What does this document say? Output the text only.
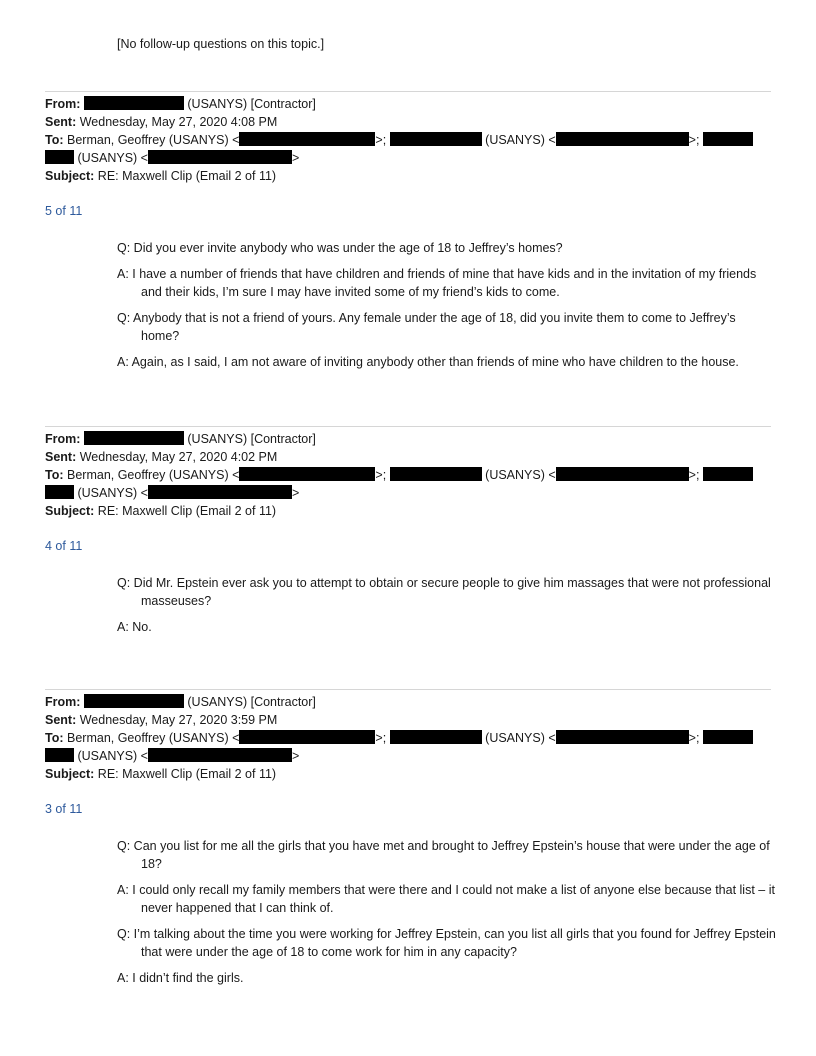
[No follow-up questions on this topic.]
From:	(USANYS) [Contractor]
Sent: Wednesday, May 27, 2020 4:08 PM
To: Berman, Geoffrey (USANYS) <	>;	(USANYS) <	>;
(USANYS) <	>
Subject: RE: Maxwell Clip (Email 2 of 11)
5 of 11
Q: Did you ever invite anybody who was under the age of 18 to Jeffrey’s homes?
A: I have a number of friends that have children and friends of mine that have kids and in the invitation of my friends and their kids, I’m sure I may have invited some of my friend’s kids to come.
Q: Anybody that is not a friend of yours. Any female under the age of 18, did you invite them to come to Jeffrey’s home?
A: Again, as I said, I am not aware of inviting anybody other than friends of mine who have children to the house.
From:	(USANYS) [Contractor]
Sent: Wednesday, May 27, 2020 4:02 PM
To: Berman, Geoffrey (USANYS) <	>;	(USANYS) <	>;
(USANYS) <	>
Subject: RE: Maxwell Clip (Email 2 of 11)
4 of 11
Q: Did Mr. Epstein ever ask you to attempt to obtain or secure people to give him massages that were not professional masseuses?
A: No.
From:	(USANYS) [Contractor]
Sent: Wednesday, May 27, 2020 3:59 PM
To: Berman, Geoffrey (USANYS) <	>;	(USANYS) <	>;
(USANYS) <	>
Subject: RE: Maxwell Clip (Email 2 of 11)
3 of 11
Q: Can you list for me all the girls that you have met and brought to Jeffrey Epstein’s house that were under the age of 18?
A: I could only recall my family members that were there and I could not make a list of anyone else because that list – it never happened that I can think of.
Q: I’m talking about the time you were working for Jeffrey Epstein, can you list all girls that you found for Jeffrey Epstein that were under the age of 18 to come work for him in any capacity?
A: I didn’t find the girls.
